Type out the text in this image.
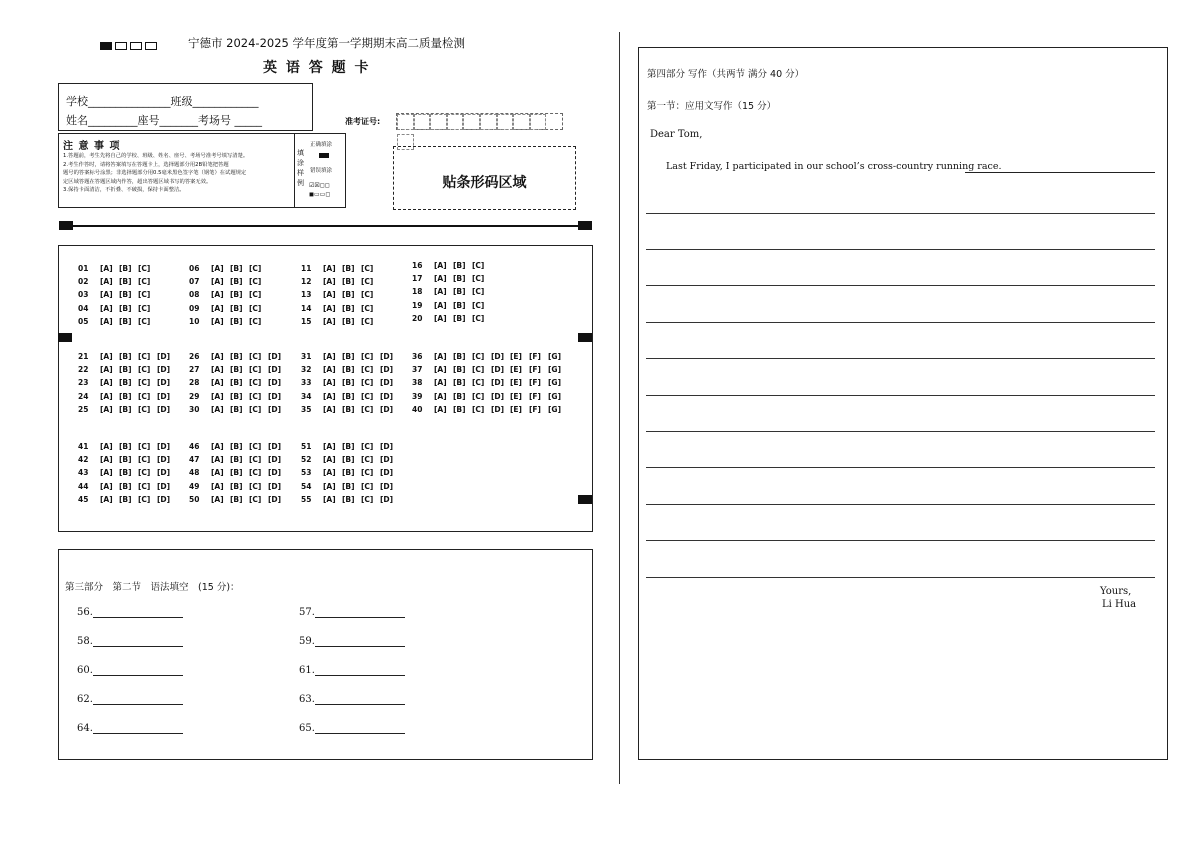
宁德市 2024-2025 学年度第一学期期末高二质量检测
英 语 答 题 卡
学校_______________班级____________
姓名_________座号_______考场号 _____	准考证号:
注 意 事 项
1.答题前，考生先将自己的学校、班级、姓名、座号、考场号准考号填写清楚。
2.考生作答时，请将答案填写在答题卡上，选择题部分用2B铅笔把答题
题号的答案标号涂黑；非选择题部分用0.5毫米黑色签字笔（钢笔）在试题规定
定区域答题在答题区域内作答，超出答题区域书写的答案无效。
3.保持卡面清洁，不折叠、不破损，保持卡面整洁。
填涂样例
正确填涂
错误填涂
☑☒◻◻
◼▭▭◻
贴条形码区域
01 [A] [B] [C]
02 [A] [B] [C]
03 [A] [B] [C]
04 [A] [B] [C]
05 [A] [B] [C]
06 [A] [B] [C]
07 [A] [B] [C]
08 [A] [B] [C]
09 [A] [B] [C]
10 [A] [B] [C]
11 [A] [B] [C]
12 [A] [B] [C]
13 [A] [B] [C]
14 [A] [B] [C]
15 [A] [B] [C]
16 [A] [B] [C]
17 [A] [B] [C]
18 [A] [B] [C]
19 [A] [B] [C]
20 [A] [B] [C]
21 [A] [B] [C] [D]
22 [A] [B] [C] [D]
23 [A] [B] [C] [D]
24 [A] [B] [C] [D]
25 [A] [B] [C] [D]
26 [A] [B] [C] [D]
27 [A] [B] [C] [D]
28 [A] [B] [C] [D]
29 [A] [B] [C] [D]
30 [A] [B] [C] [D]
31 [A] [B] [C] [D]
32 [A] [B] [C] [D]
33 [A] [B] [C] [D]
34 [A] [B] [C] [D]
35 [A] [B] [C] [D]
36 [A] [B] [C] [D] [E] [F] [G]
37 [A] [B] [C] [D] [E] [F] [G]
38 [A] [B] [C] [D] [E] [F] [G]
39 [A] [B] [C] [D] [E] [F] [G]
40 [A] [B] [C] [D] [E] [F] [G]
41 [A] [B] [C] [D]
42 [A] [B] [C] [D]
43 [A] [B] [C] [D]
44 [A] [B] [C] [D]
45 [A] [B] [C] [D]
46 [A] [B] [C] [D]
47 [A] [B] [C] [D]
48 [A] [B] [C] [D]
49 [A] [B] [C] [D]
50 [A] [B] [C] [D]
51 [A] [B] [C] [D]
52 [A] [B] [C] [D]
53 [A] [B] [C] [D]
54 [A] [B] [C] [D]
55 [A] [B] [C] [D]
第三部分　第二节　语法填空　(15 分)：
56.
58.
60.
62.
64.
57.
59.
61.
63.
65.
第四部分 写作（共两节 满分 40 分）
第一节：应用文写作（15 分）
Dear Tom,
Last Friday, I participated in our school’s cross-country running race.
Yours,
Li Hua
